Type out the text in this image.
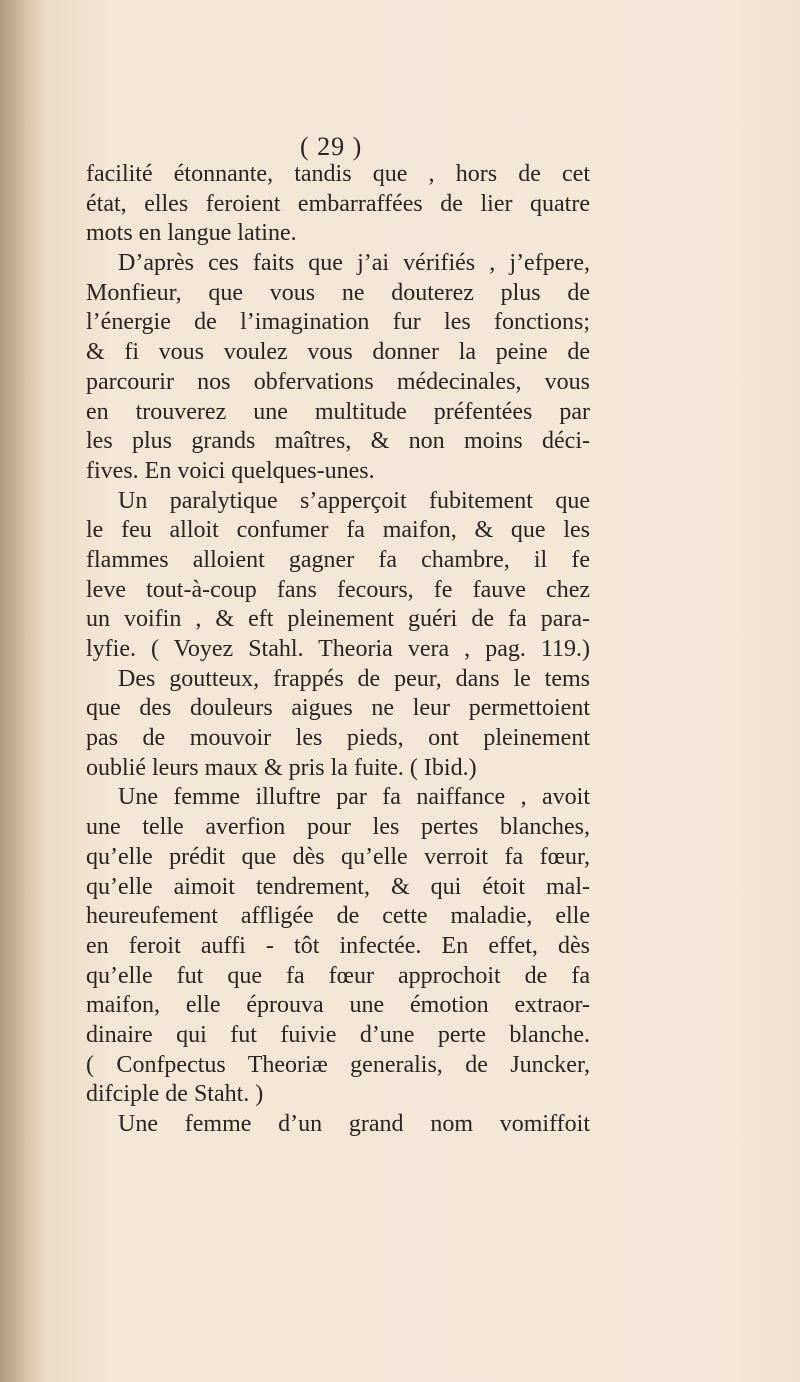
( 29 )
facilité étonnante, tandis que , hors de cet
état, elles feroient embarraffées de lier quatre
mots en langue latine.
D’après ces faits que j’ai vérifiés , j’efpere,
Monfieur, que vous ne douterez plus de
l’énergie de l’imagination fur les fonctions;
& fi vous voulez vous donner la peine de
parcourir nos obfervations médecinales, vous
en trouverez une multitude préfentées par
les plus grands maîtres, & non moins déci-
fives. En voici quelques-unes.
Un paralytique s’apperçoit fubitement que
le feu alloit confumer fa maifon, & que les
flammes alloient gagner fa chambre, il fe
leve tout-à-coup fans fecours, fe fauve chez
un voifin , & eft pleinement guéri de fa para-
lyfie. ( Voyez Stahl. Theoria vera , pag. 119.)
Des goutteux, frappés de peur, dans le tems
que des douleurs aigues ne leur permettoient
pas de mouvoir les pieds, ont pleinement
oublié leurs maux & pris la fuite. ( Ibid.)
Une femme illuftre par fa naiffance , avoit
une telle averfion pour les pertes blanches,
qu’elle prédit que dès qu’elle verroit fa fœur,
qu’elle aimoit tendrement, & qui étoit mal-
heureufement affligée de cette maladie, elle
en feroit auffi - tôt infectée. En effet, dès
qu’elle fut que fa fœur approchoit de fa
maifon, elle éprouva une émotion extraor-
dinaire qui fut fuivie d’une perte blanche.
( Confpectus Theoriæ generalis, de Juncker,
difciple de Staht. )
Une femme d’un grand nom vomiffoit
